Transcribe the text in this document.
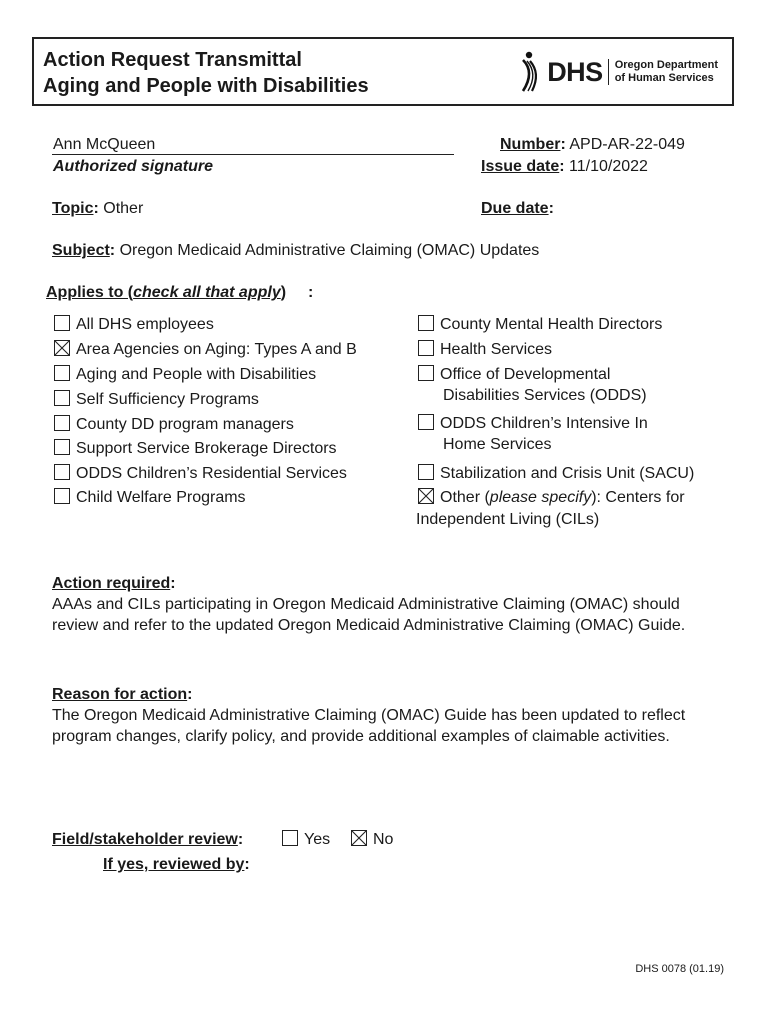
Action Request Transmittal
Aging and People with Disabilities	DHS Oregon Department
of Human Services
Ann McQueen
Authorized signature
Number: APD-AR-22-049
Issue date: 11/10/2022
Topic: Other	Due date:
Subject: Oregon Medicaid Administrative Claiming (OMAC) Updates
Applies to (check all that apply) :
All DHS employees
Area Agencies on Aging: Types A and B
Aging and People with Disabilities
Self Sufficiency Programs
County DD program managers
Support Service Brokerage Directors
ODDS Children’s Residential Services
Child Welfare Programs
County Mental Health Directors
Health Services
Office of Developmental
Disabilities Services (ODDS)
ODDS Children’s Intensive In
Home Services
Stabilization and Crisis Unit (SACU)
Other (please specify): Centers for
Independent Living (CILs)
Action required:
AAAs and CILs participating in Oregon Medicaid Administrative Claiming (OMAC) should review and refer to the updated Oregon Medicaid Administrative Claiming (OMAC) Guide.
Reason for action:
The Oregon Medicaid Administrative Claiming (OMAC) Guide has been updated to reflect program changes, clarify policy, and provide additional examples of claimable activities.
Field/stakeholder review:	Yes	No
If yes, reviewed by:
DHS 0078 (01.19)
